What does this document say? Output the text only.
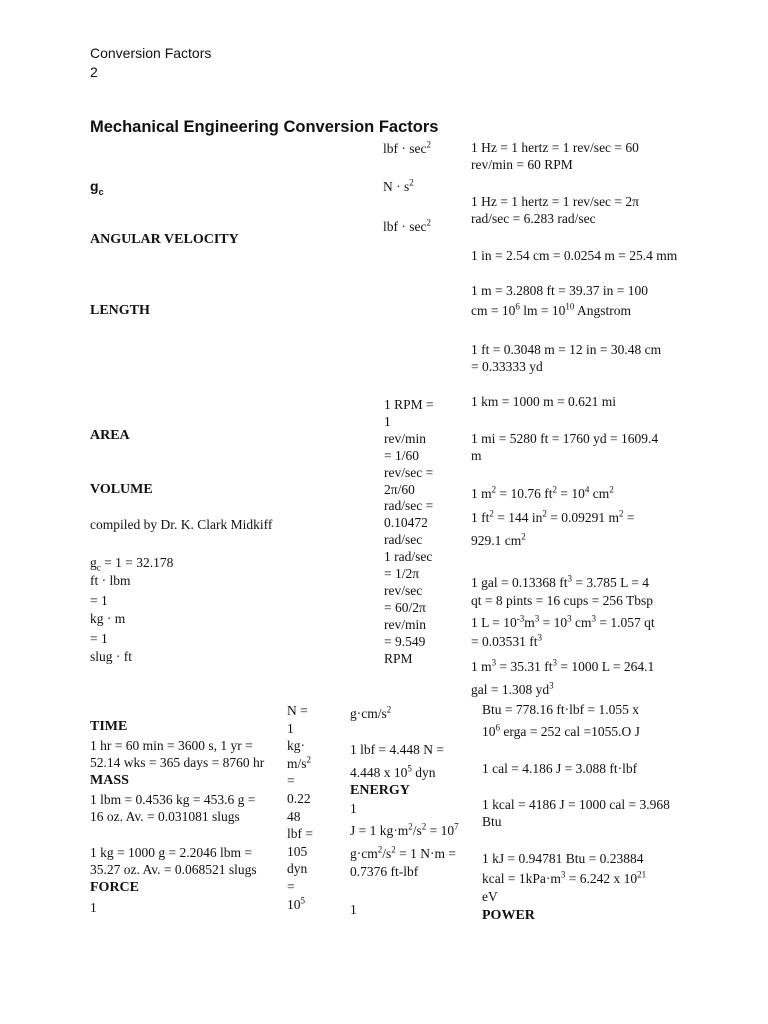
Conversion Factors
2
Mechanical Engineering Conversion Factors
$g_c$
ANGULAR VELOCITY
LENGTH
AREA
VOLUME
compiled by Dr. K. Clark Midkiff
$g_c = 1 = 32.178$
ft · lbm
= 1
kg · m
= 1
slug · ft
lbf · $\sec^2$
$N \cdot s^2$
lbf · $\sec^2$
1 RPM =
1
rev/min
= 1/60
rev/sec =
2π/60
rad/sec =
0.10472
rad/sec
1 rad/sec
= 1/2π
rev/sec
= 60/2π
rev/min
= 9.549
RPM
1 Hz = 1 hertz = 1 rev/sec = 60 rev/min = 60 RPM
1 Hz = 1 hertz = 1 rev/sec = 2π rad/sec = 6.283 rad/sec
1 in = 2.54 cm = 0.0254 m = 25.4 mm
1 m = 3.2808 ft = 39.37 in = 100
cm = $10^6$ lm = $10^{10}$ Angstrom
1 ft = 0.3048 m = 12 in = 30.48 cm = 0.33333 yd
1 km = 1000 m = 0.621 mi
1 mi = 5280 ft = 1760 yd = 1609.4 m
1 $m^2 = 10.76$ $ft^2 = 10^4$ $cm^2$
1 $ft^2 = 144$ $in^2 = 0.09291$ $m^2$ =
929.1 $cm^2$
1 gal = 0.13368 $ft^3 = 3.785$ L = 4
qt = 8 pints = 16 cups = 256 Tbsp
1 $L = 10^{-3}m^3 = 10^3$ $cm^3 = 1.057$ qt
= 0.03531 $ft^3$
1 $m^3 = 35.31$ $ft^3 = 1000$ L = 264.1
gal = 1.308 $yd^3$
TIME
1 hr = 60 min = 3600 s, 1 yr =
52.14 wks = 365 days = 8760 hr
MASS
1 lbm = 0.4536 kg = 453.6 g =
16 oz. Av. = 0.031081 slugs
1 kg = 1000 g = 2.2046 lbm =
35.27 oz. Av. = 0.068521 slugs
FORCE
1
N =
1
kg·
$m/s^2$
=
0.22
48
lbf =
105
dyn
=
$10^5$
$g\cdot cm/s^2$
1 lbf = 4.448 N =
4.448 x $10^5$ dyn
ENERGY
1
J = 1 $kg\cdot m^2/s^2 = 10^7$
$g\cdot cm^2/s^2 = 1$ N·m =
0.7376 ft-lbf
1
Btu = 778.16 ft·lbf = 1.055 x
$10^6$ erga = 252 cal =1055.O J
1 cal = 4.186 J = 3.088 ft·lbf
1 kcal = 4186 J = 1000 cal = 3.968 Btu
1 kJ = 0.94781 Btu = 0.23884
kcal = $1kPa\cdot m^3 = 6.242$ x $10^{21}$
eV
POWER
